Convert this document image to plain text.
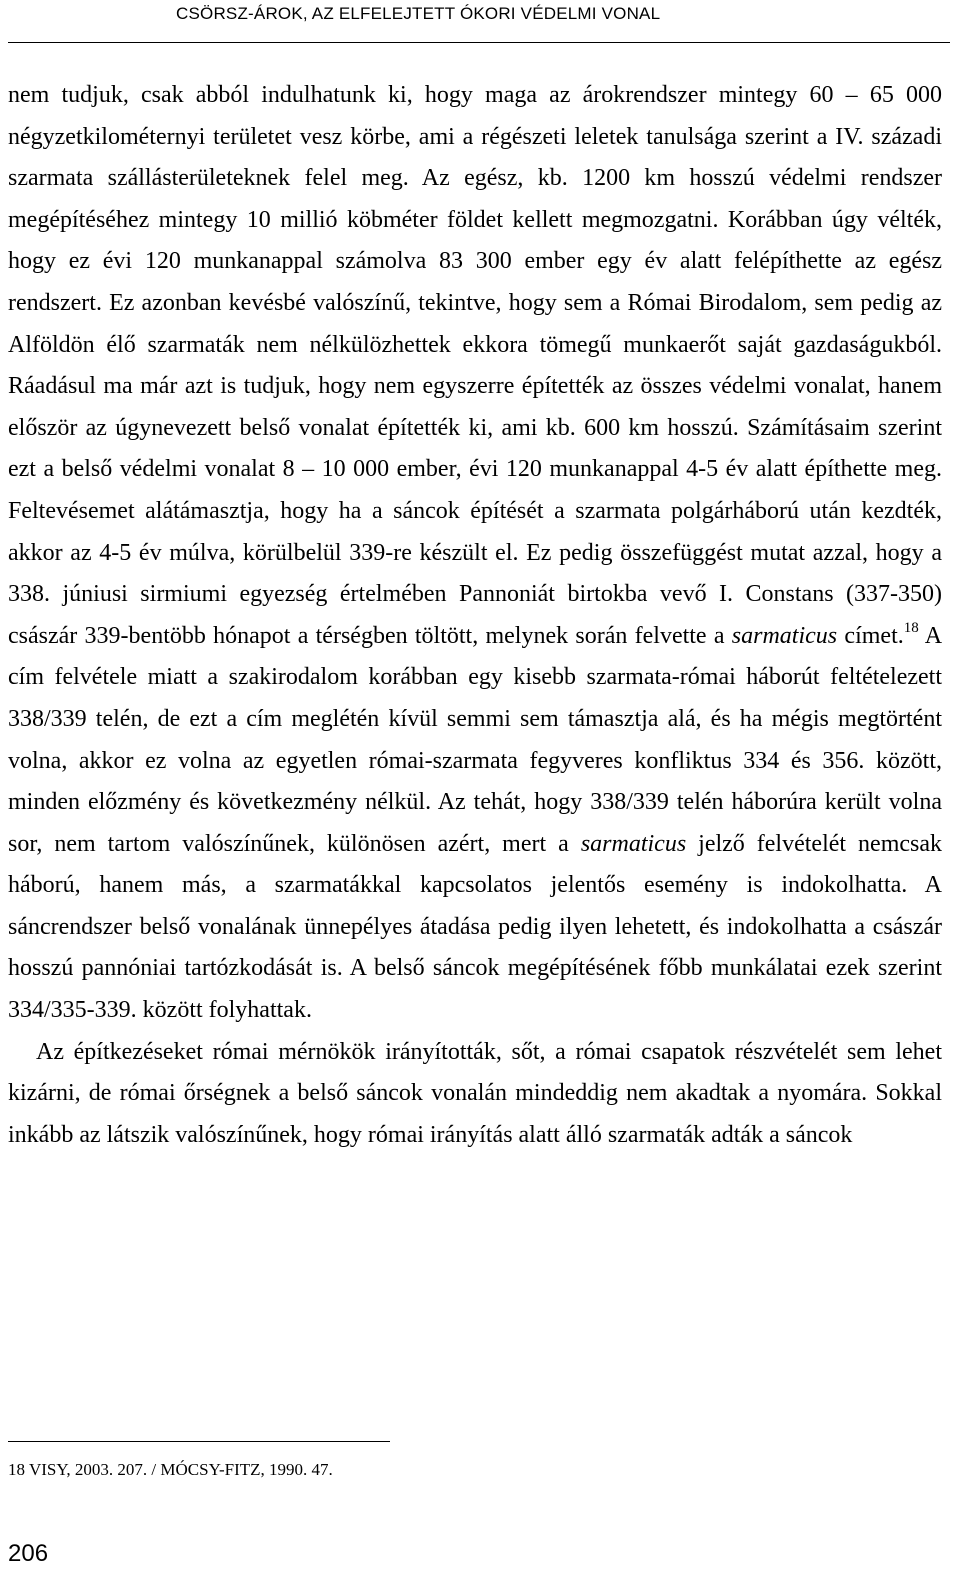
CSÖRSZ-ÁROK, AZ ELFELEJTETT ÓKORI VÉDELMI VONAL

nem tudjuk, csak abból indulhatunk ki, hogy maga az árokrendszer mintegy 60 – 65 000 négyzetkilométernyi területet vesz körbe, ami a régészeti leletek tanulsága szerint a IV. századi szarmata szállásterületeknek felel meg. Az egész, kb. 1200 km hosszú védelmi rendszer megépítéséhez mintegy 10 millió köbméter földet kellett megmozgatni. Korábban úgy vélték, hogy ez évi 120 munkanappal számolva 83 300 ember egy év alatt felépíthette az egész rendszert. Ez azonban kevésbé valószínű, tekintve, hogy sem a Római Birodalom, sem pedig az Alföldön élő szarmaták nem nélkülözhettek ekkora tömegű munkaerőt saját gazdaságukból. Ráadásul ma már azt is tudjuk, hogy nem egyszerre építették az összes védelmi vonalat, hanem először az úgynevezett belső vonalat építették ki, ami kb. 600 km hosszú. Számításaim szerint ezt a belső védelmi vonalat 8 – 10 000 ember, évi 120 munkanappal 4-5 év alatt építhette meg. Feltevésemet alátámasztja, hogy ha a sáncok építését a szarmata polgárháború után kezdték, akkor az 4-5 év múlva, körülbelül 339-re készült el. Ez pedig összefüggést mutat azzal, hogy a 338. júniusi sirmiumi egyezség értelmében Pannoniát birtokba vevő I. Constans (337-350) császár 339-bentöbb hónapot a térségben töltött, melynek során felvette a sarmaticus címet.$^{18}$ A cím felvétele miatt a szakirodalom korábban egy kisebb szarmata-római háborút feltételezett 338/339 telén, de ezt a cím meglétén kívül semmi sem támasztja alá, és ha mégis megtörtént volna, akkor ez volna az egyetlen római-szarmata fegyveres konfliktus 334 és 356. között, minden előzmény és következmény nélkül. Az tehát, hogy 338/339 telén háborúra került volna sor, nem tartom valószínűnek, különösen azért, mert a sarmaticus jelző felvételét nemcsak háború, hanem más, a szarmatákkal kapcsolatos jelentős esemény is indokolhatta. A sáncrendszer belső vonalának ünnepélyes átadása pedig ilyen lehetett, és indokolhatta a császár hosszú pannóniai tartózkodását is. A belső sáncok megépítésének főbb munkálatai ezek szerint 334/335-339. között folyhattak.

Az építkezéseket római mérnökök irányították, sőt, a római csapatok részvételét sem lehet kizárni, de római őrségnek a belső sáncok vonalán mindeddig nem akadtak a nyomára. Sokkal inkább az látszik valószínűnek, hogy római irányítás alatt álló szarmaták adták a sáncok

18 VISY, 2003. 207. / MÓCSY-FITZ, 1990. 47.
206
